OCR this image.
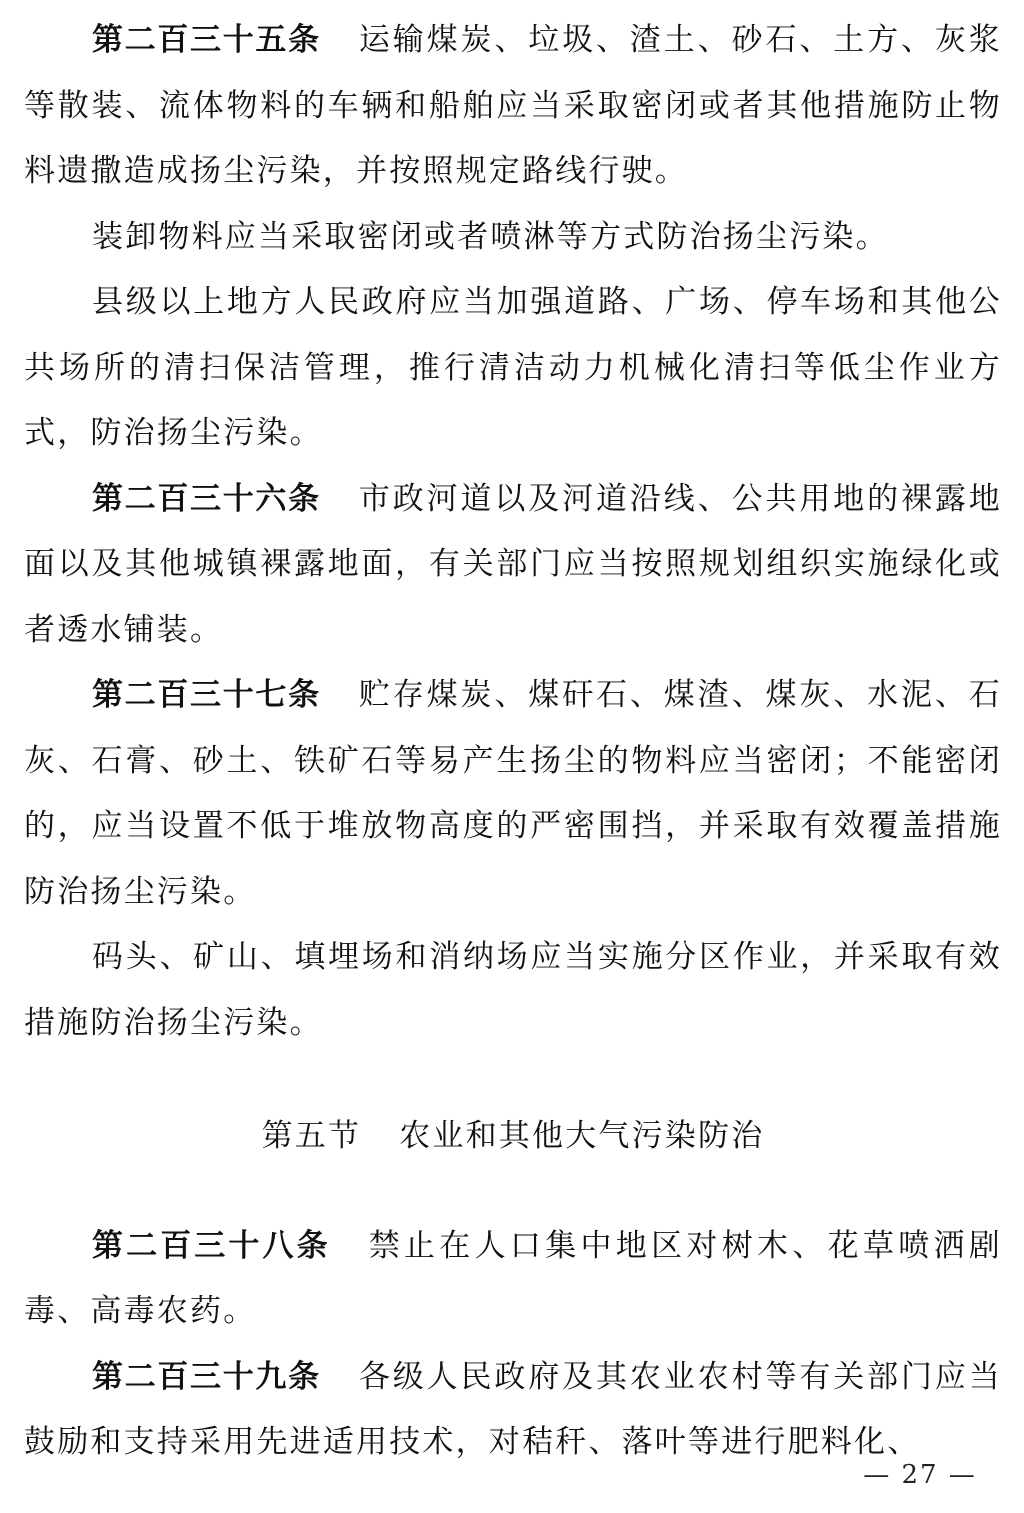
第二百三十五条 运输煤炭、垃圾、渣土、砂石、土方、灰浆等散装、流体物料的车辆和船舶应当采取密闭或者其他措施防止物料遗撒造成扬尘污染，并按照规定路线行驶。

装卸物料应当采取密闭或者喷淋等方式防治扬尘污染。

县级以上地方人民政府应当加强道路、广场、停车场和其他公共场所的清扫保洁管理，推行清洁动力机械化清扫等低尘作业方式，防治扬尘污染。

第二百三十六条 市政河道以及河道沿线、公共用地的裸露地面以及其他城镇裸露地面，有关部门应当按照规划组织实施绿化或者透水铺装。

第二百三十七条 贮存煤炭、煤矸石、煤渣、煤灰、水泥、石灰、石膏、砂土、铁矿石等易产生扬尘的物料应当密闭；不能密闭的，应当设置不低于堆放物高度的严密围挡，并采取有效覆盖措施防治扬尘污染。

码头、矿山、填埋场和消纳场应当实施分区作业，并采取有效措施防治扬尘污染。

第五节 农业和其他大气污染防治

第二百三十八条 禁止在人口集中地区对树木、花草喷洒剧毒、高毒农药。

第二百三十九条 各级人民政府及其农业农村等有关部门应当鼓励和支持采用先进适用技术，对秸秆、落叶等进行肥料化、

— 27 —
